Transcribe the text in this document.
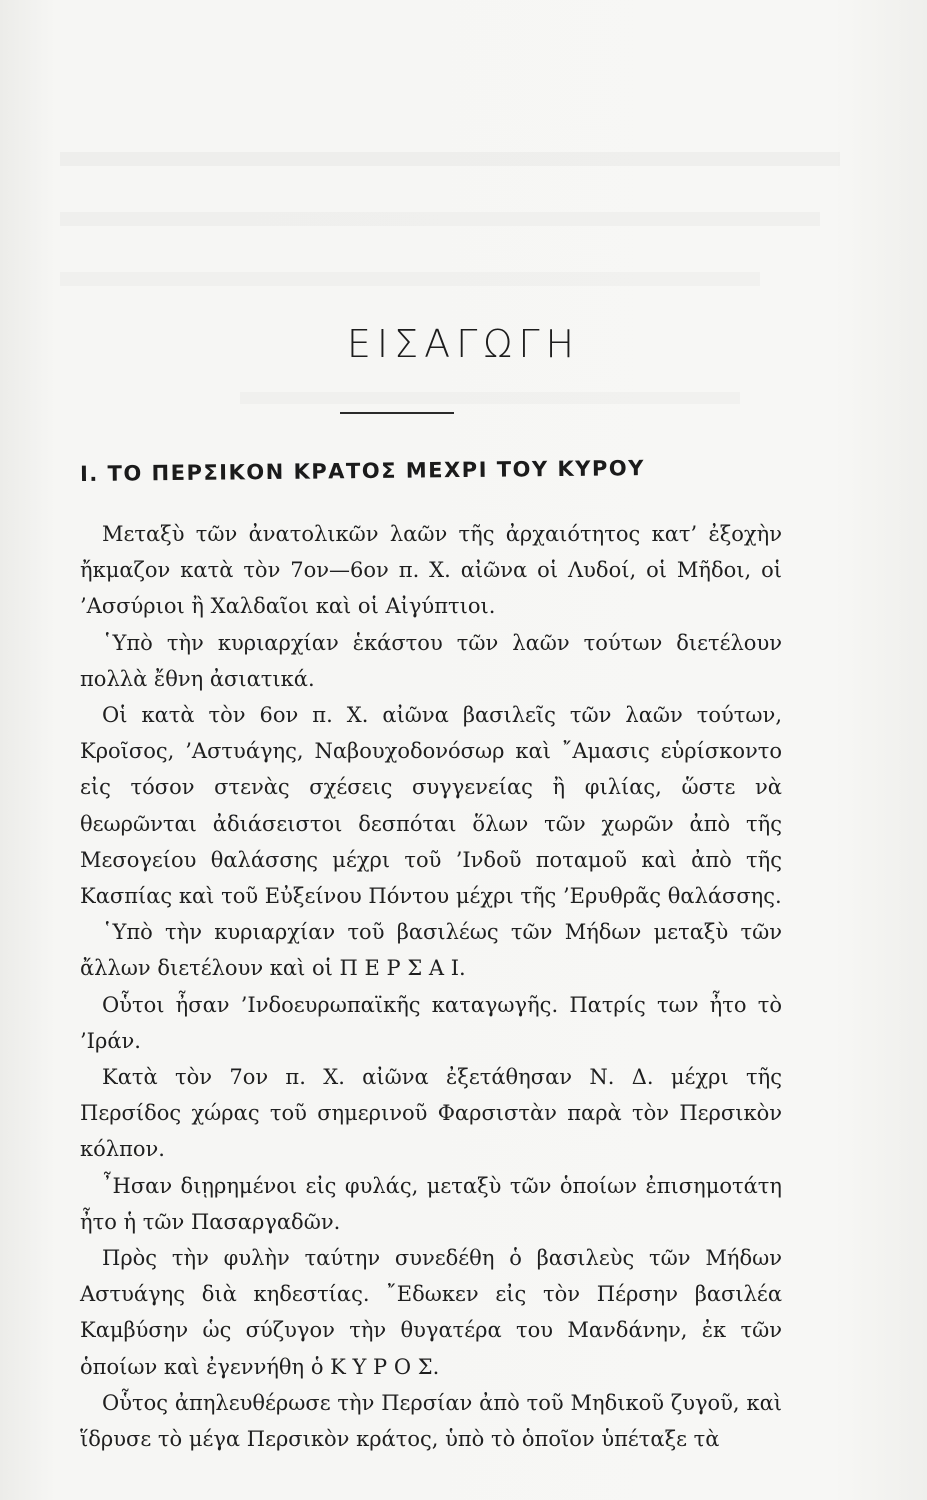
ΕΙΣΑΓΩΓΗ
Ι. ΤΟ ΠΕΡΣΙΚΟΝ ΚΡΑΤΟΣ ΜΕΧΡΙ ΤΟΥ ΚΥΡΟΥ

Μεταξὺ τῶν ἀνατολικῶν λαῶν τῆς ἀρχαιότητος κατ’ ἐξοχὴν ἤκμαζον κατὰ τὸν 7ον—6ον π. Χ. αἰῶνα οἱ Λυδοί, οἱ Μῆδοι, οἱ ’Ασσύριοι ἢ Χαλδαῖοι καὶ οἱ Αἰγύπτιοι.

῾Υπὸ τὴν κυριαρχίαν ἑκάστου τῶν λαῶν τούτων διετέλουν πολλὰ ἔθνη ἀσιατικά.

Οἱ κατὰ τὸν 6ον π. Χ. αἰῶνα βασιλεῖς τῶν λαῶν τούτων, Κροῖσος, ’Αστυάγης, Ναβουχοδονόσωρ καὶ ῎Αμασις εὑρίσκοντο εἰς τόσον στενὰς σχέσεις συγγενείας ἢ φιλίας, ὥστε νὰ θεωρῶνται ἀδιάσειστοι δεσπόται ὅλων τῶν χωρῶν ἀπὸ τῆς Μεσογείου θαλάσσης μέχρι τοῦ ’Ινδοῦ ποταμοῦ καὶ ἀπὸ τῆς Κασπίας καὶ τοῦ Εὐξείνου Πόντου μέχρι τῆς ’Ερυθρᾶς θαλάσσης.

῾Υπὸ τὴν κυριαρχίαν τοῦ βασιλέως τῶν Μήδων μεταξὺ τῶν ἄλλων διετέλουν καὶ οἱ Π Ε Ρ Σ Α Ι.

Οὗτοι ἦσαν ’Ινδοευρωπαϊκῆς καταγωγῆς. Πατρίς των ἦτο τὸ ’Ιράν.

Κατὰ τὸν 7ον π. Χ. αἰῶνα ἐξετάθησαν Ν. Δ. μέχρι τῆς Περσίδος χώρας τοῦ σημερινοῦ Φαρσιστὰν παρὰ τὸν Περσικὸν κόλπον.

῏Ησαν διῃρημένοι εἰς φυλάς, μεταξὺ τῶν ὁποίων ἐπισημοτάτη ἦτο ἡ τῶν Πασαργαδῶν.

Πρὸς τὴν φυλὴν ταύτην συνεδέθη ὁ βασιλεὺς τῶν Μήδων Αστυάγης διὰ κηδεστίας. ῎Εδωκεν εἰς τὸν Πέρσην βασιλέα Καμβύσην ὡς σύζυγον τὴν θυγατέρα του Μανδάνην, ἐκ τῶν ὁποίων καὶ ἐγεννήθη ὁ Κ Υ Ρ Ο Σ.

Οὗτος ἀπηλευθέρωσε τὴν Περσίαν ἀπὸ τοῦ Μηδικοῦ ζυγοῦ, καὶ ἵδρυσε τὸ μέγα Περσικὸν κράτος, ὑπὸ τὸ ὁποῖον ὑπέταξε τὰ
